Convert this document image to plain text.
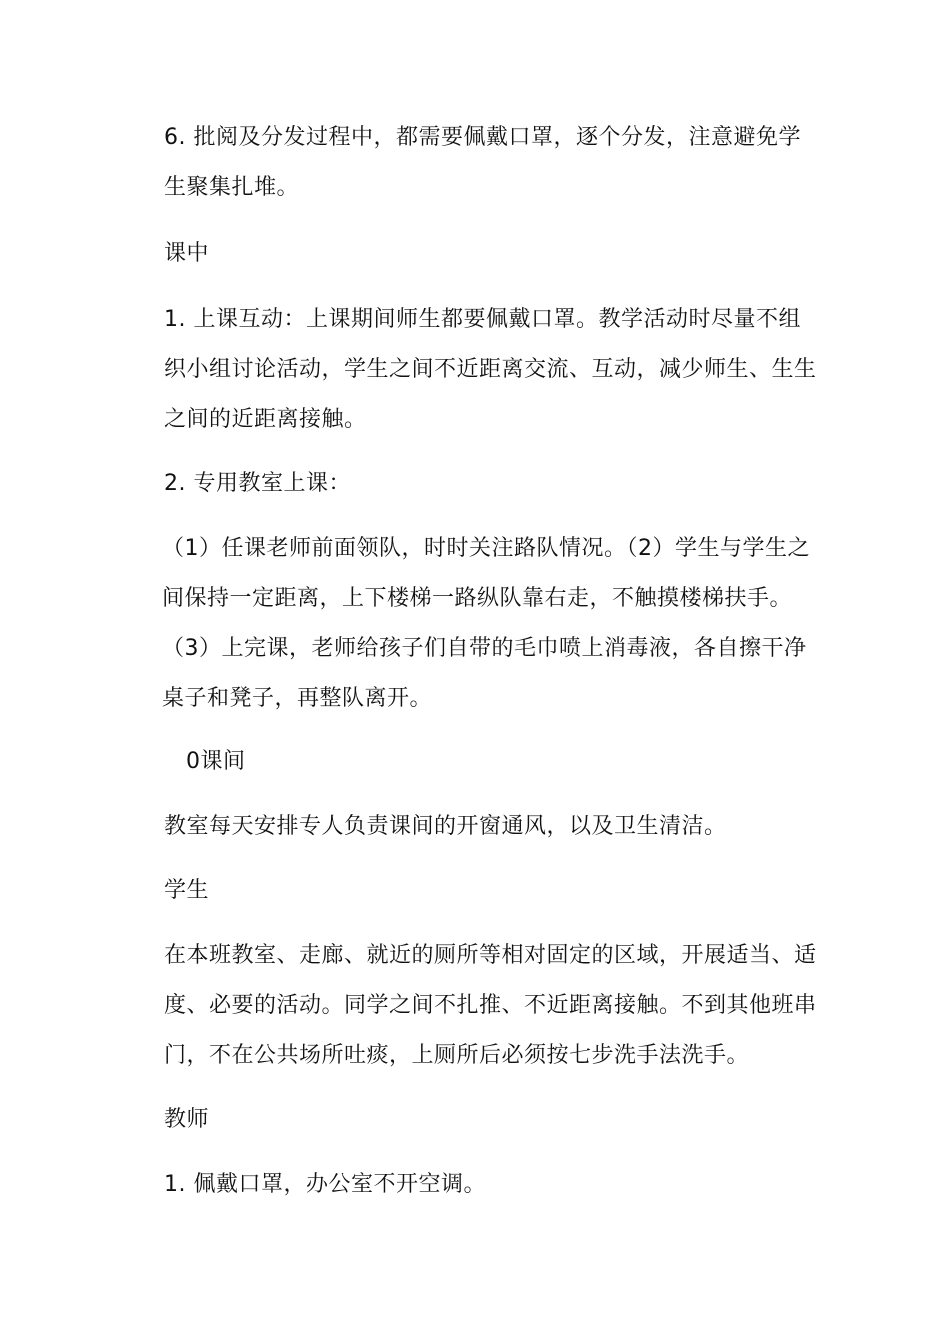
6. 批阅及分发过程中，都需要佩戴口罩，逐个分发，注意避免学
生聚集扎堆。
课中
1. 上课互动：上课期间师生都要佩戴口罩。教学活动时尽量不组
织小组讨论活动，学生之间不近距离交流、互动，减少师生、生生
之间的近距离接触。
2. 专用教室上课：
（1）任课老师前面领队，时时关注路队情况。（2）学生与学生之
间保持一定距离，上下楼梯一路纵队靠右走，不触摸楼梯扶手。
（3）上完课，老师给孩子们自带的毛巾喷上消毒液，各自擦干净
桌子和凳子，再整队离开。
0课间
教室每天安排专人负责课间的开窗通风，以及卫生清洁。
学生
在本班教室、走廊、就近的厕所等相对固定的区域，开展适当、适
度、必要的活动。同学之间不扎推、不近距离接触。不到其他班串
门，不在公共场所吐痰，上厕所后必须按七步洗手法洗手。
教师
1. 佩戴口罩，办公室不开空调。
